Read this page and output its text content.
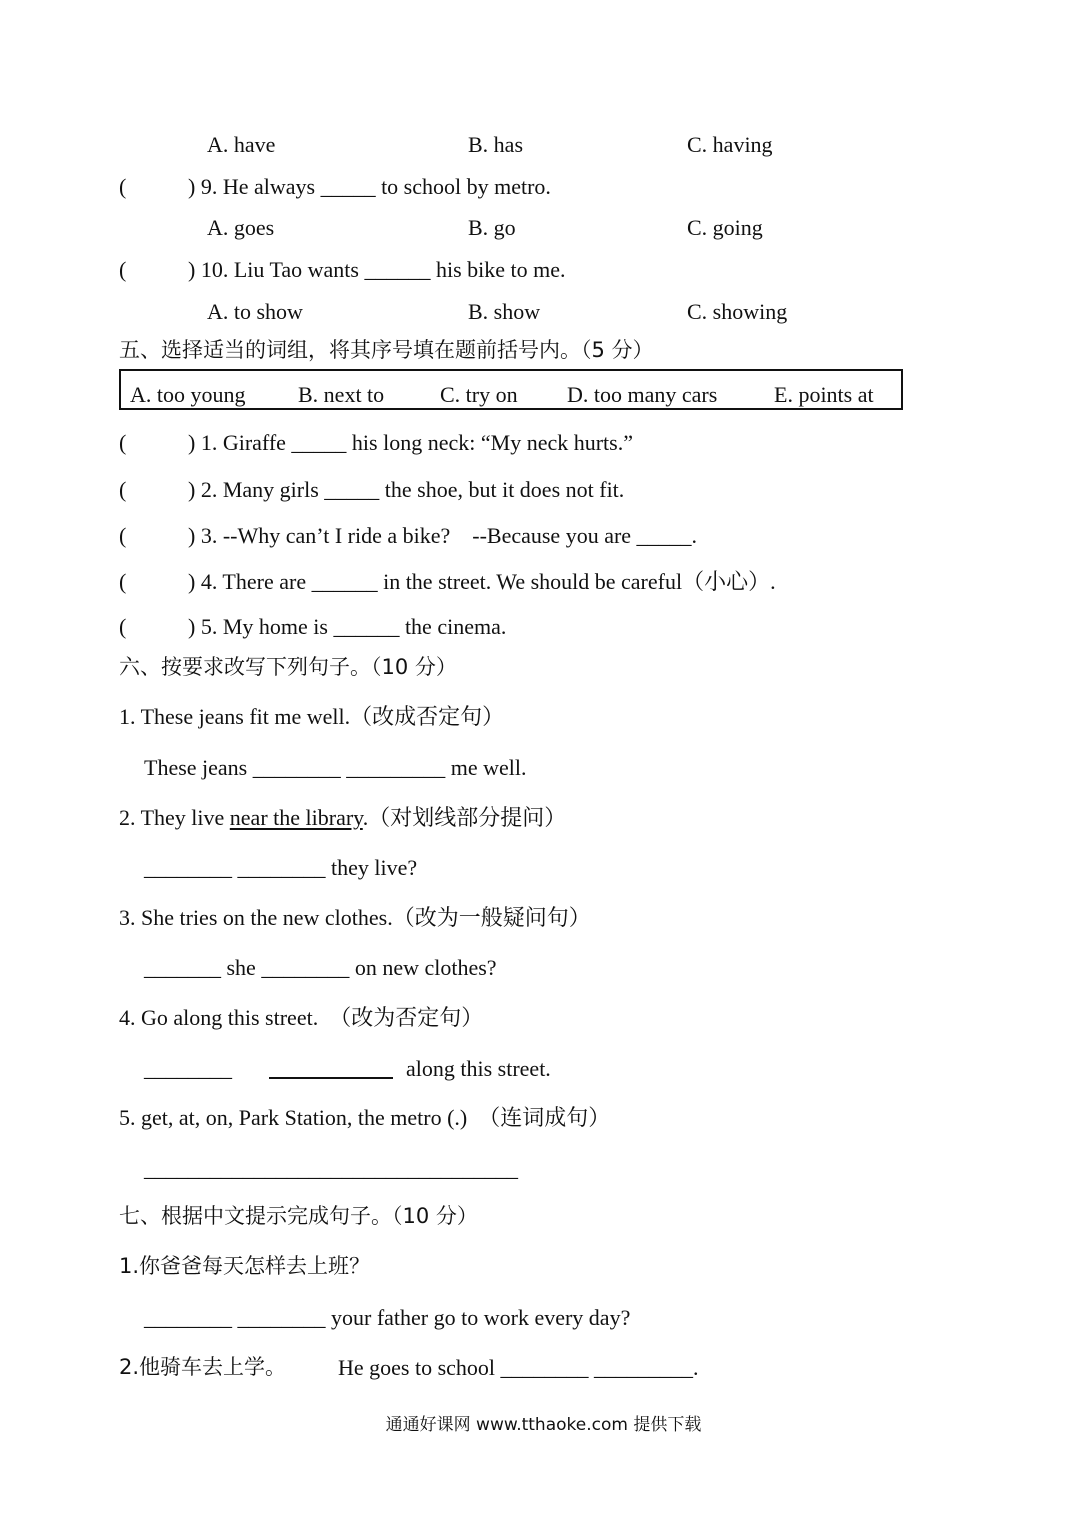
A. have	B. has	C. having
(	) 9. He always _____ to school by metro.
A. goes	B. go	C. going
(	) 10. Liu Tao wants ______ his bike to me.
A. to show	B. show	C. showing
五、选择适当的词组，将其序号填在题前括号内。（5 分）
A. too young B. next to	C. try on D. too many cars	E. points at
(	) 1. Giraffe _____ his long neck: “My neck hurts.”
(	) 2. Many girls _____ the shoe, but it does not fit.
(	) 3. --Why can’t I ride a bike?    --Because you are _____.
(	) 4. There are ______ in the street. We should be careful（小心）.
(	) 5. My home is ______ the cinema.
六、按要求改写下列句子。（10 分）
1. These jeans fit me well.（改成否定句）
These jeans ________ _________ me well.
2. They live near the library.（对划线部分提问）
________ ________ they live?
3. She tries on the new clothes.（改为一般疑问句）
_______ she ________ on new clothes?
4. Go along this street.  （改为否定句）
________	along this street.
5. get, at, on, Park Station, the metro (.)  （连词成句）
__________________________________
七、根据中文提示完成句子。（10 分）
1.你爸爸每天怎样去上班？
________ ________ your father go to work every day?
2.他骑车去上学。 He goes to school ________ _________.
通通好课网 www.tthaoke.com 提供下载
